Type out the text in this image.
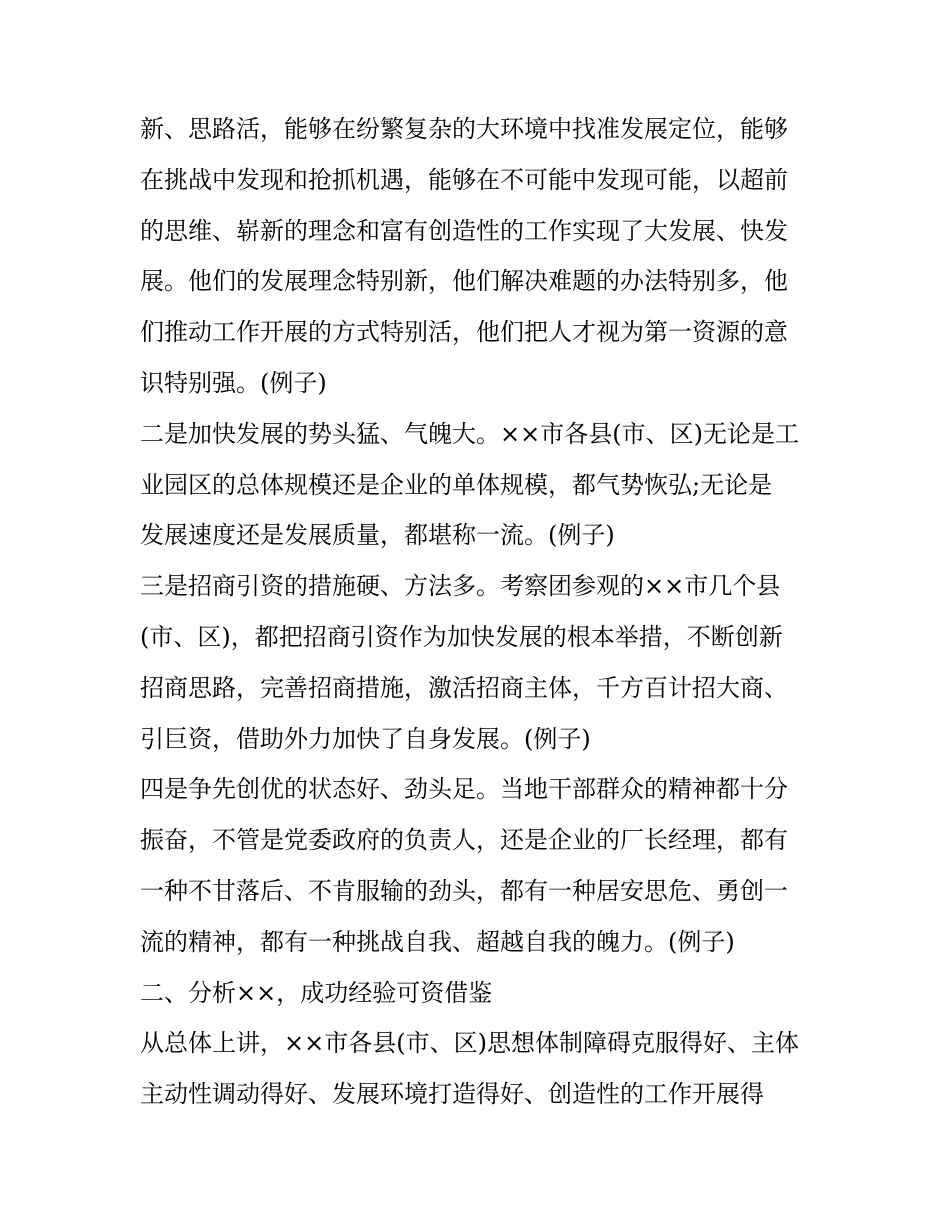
新、思路活，能够在纷繁复杂的大环境中找准发展定位，能够
在挑战中发现和抢抓机遇，能够在不可能中发现可能，以超前
的思维、崭新的理念和富有创造性的工作实现了大发展、快发
展。他们的发展理念特别新，他们解决难题的办法特别多，他
们推动工作开展的方式特别活，他们把人才视为第一资源的意
识特别强。(例子)
二是加快发展的势头猛、气魄大。××市各县(市、区)无论是工
业园区的总体规模还是企业的单体规模，都气势恢弘;无论是
发展速度还是发展质量，都堪称一流。(例子)
三是招商引资的措施硬、方法多。考察团参观的××市几个县
(市、区)，都把招商引资作为加快发展的根本举措，不断创新
招商思路，完善招商措施，激活招商主体，千方百计招大商、
引巨资，借助外力加快了自身发展。(例子)
四是争先创优的状态好、劲头足。当地干部群众的精神都十分
振奋，不管是党委政府的负责人，还是企业的厂长经理，都有
一种不甘落后、不肯服输的劲头，都有一种居安思危、勇创一
流的精神，都有一种挑战自我、超越自我的魄力。(例子)
二、分析××，成功经验可资借鉴
从总体上讲，××市各县(市、区)思想体制障碍克服得好、主体
主动性调动得好、发展环境打造得好、创造性的工作开展得
